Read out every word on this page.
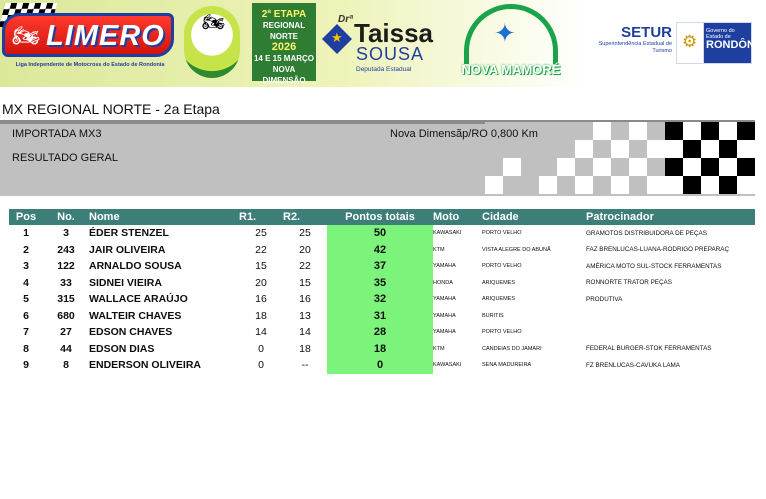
🏍 LIMERO
Liga Independente de Motocross do Estado de Rondonia
🏍	2ª ETAPA
REGIONAL NORTE
2026
14 E 15 MARÇO
NOVA DIMENSÃO
★
Drª Taissa
SOUSA
Deputada Estadual
✦
NOVA MAMORÉ
SETUR
Superintendência Estadual de
Turismo
⚙
Governo do Estado de
RONDÔNIA
MX REGIONAL NORTE - 2a Etapa
IMPORTADA MX3	Nova Dimensãp/RO 0,800 Km
RESULTADO GERAL
Pos	No.	Nome	R1.	R2.	Pontos totais	Moto	Cidade	Patrocinador
1	3	ÉDER STENZEL	25	25	50	KAWASAKI	PORTO VELHO	GRAMOTOS DISTRIBUIDORA DE PEÇAS
2	243	JAIR OLIVEIRA	22	20	42	KTM	VISTA ALEGRE DO ABUNÃ	FAZ BRENLUCAS-LUANA-RODRIGO PREPARAÇ
3	122	ARNALDO SOUSA	15	22	37	YAMAHA	PORTO VELHO	AMÉRICA MOTO SUL-STOCK FERRAMENTAS
4	33	SIDNEI VIEIRA	20	15	35	HONDA	ARIQUEMES	RONNORTE TRATOR PEÇAS
5	315	WALLACE ARAÚJO	16	16	32	YAMAHA	ARIQUEMES	PRODUTIVA
6	680	WALTEIR CHAVES	18	13	31	YAMAHA	BURITIS	
7	27	EDSON CHAVES	14	14	28	YAMAHA	PORTO VELHO	
8	44	EDSON DIAS	0	18	18	KTM	CANDEIAS DO JAMARI	FEDERAL BURGER-STOK FERRAMENTAS
9	8	ENDERSON OLIVEIRA	0	--	0	KAWASAKI	SENA MADUREIRA	FZ BRENLUCAS-CAVUKA LAMA
